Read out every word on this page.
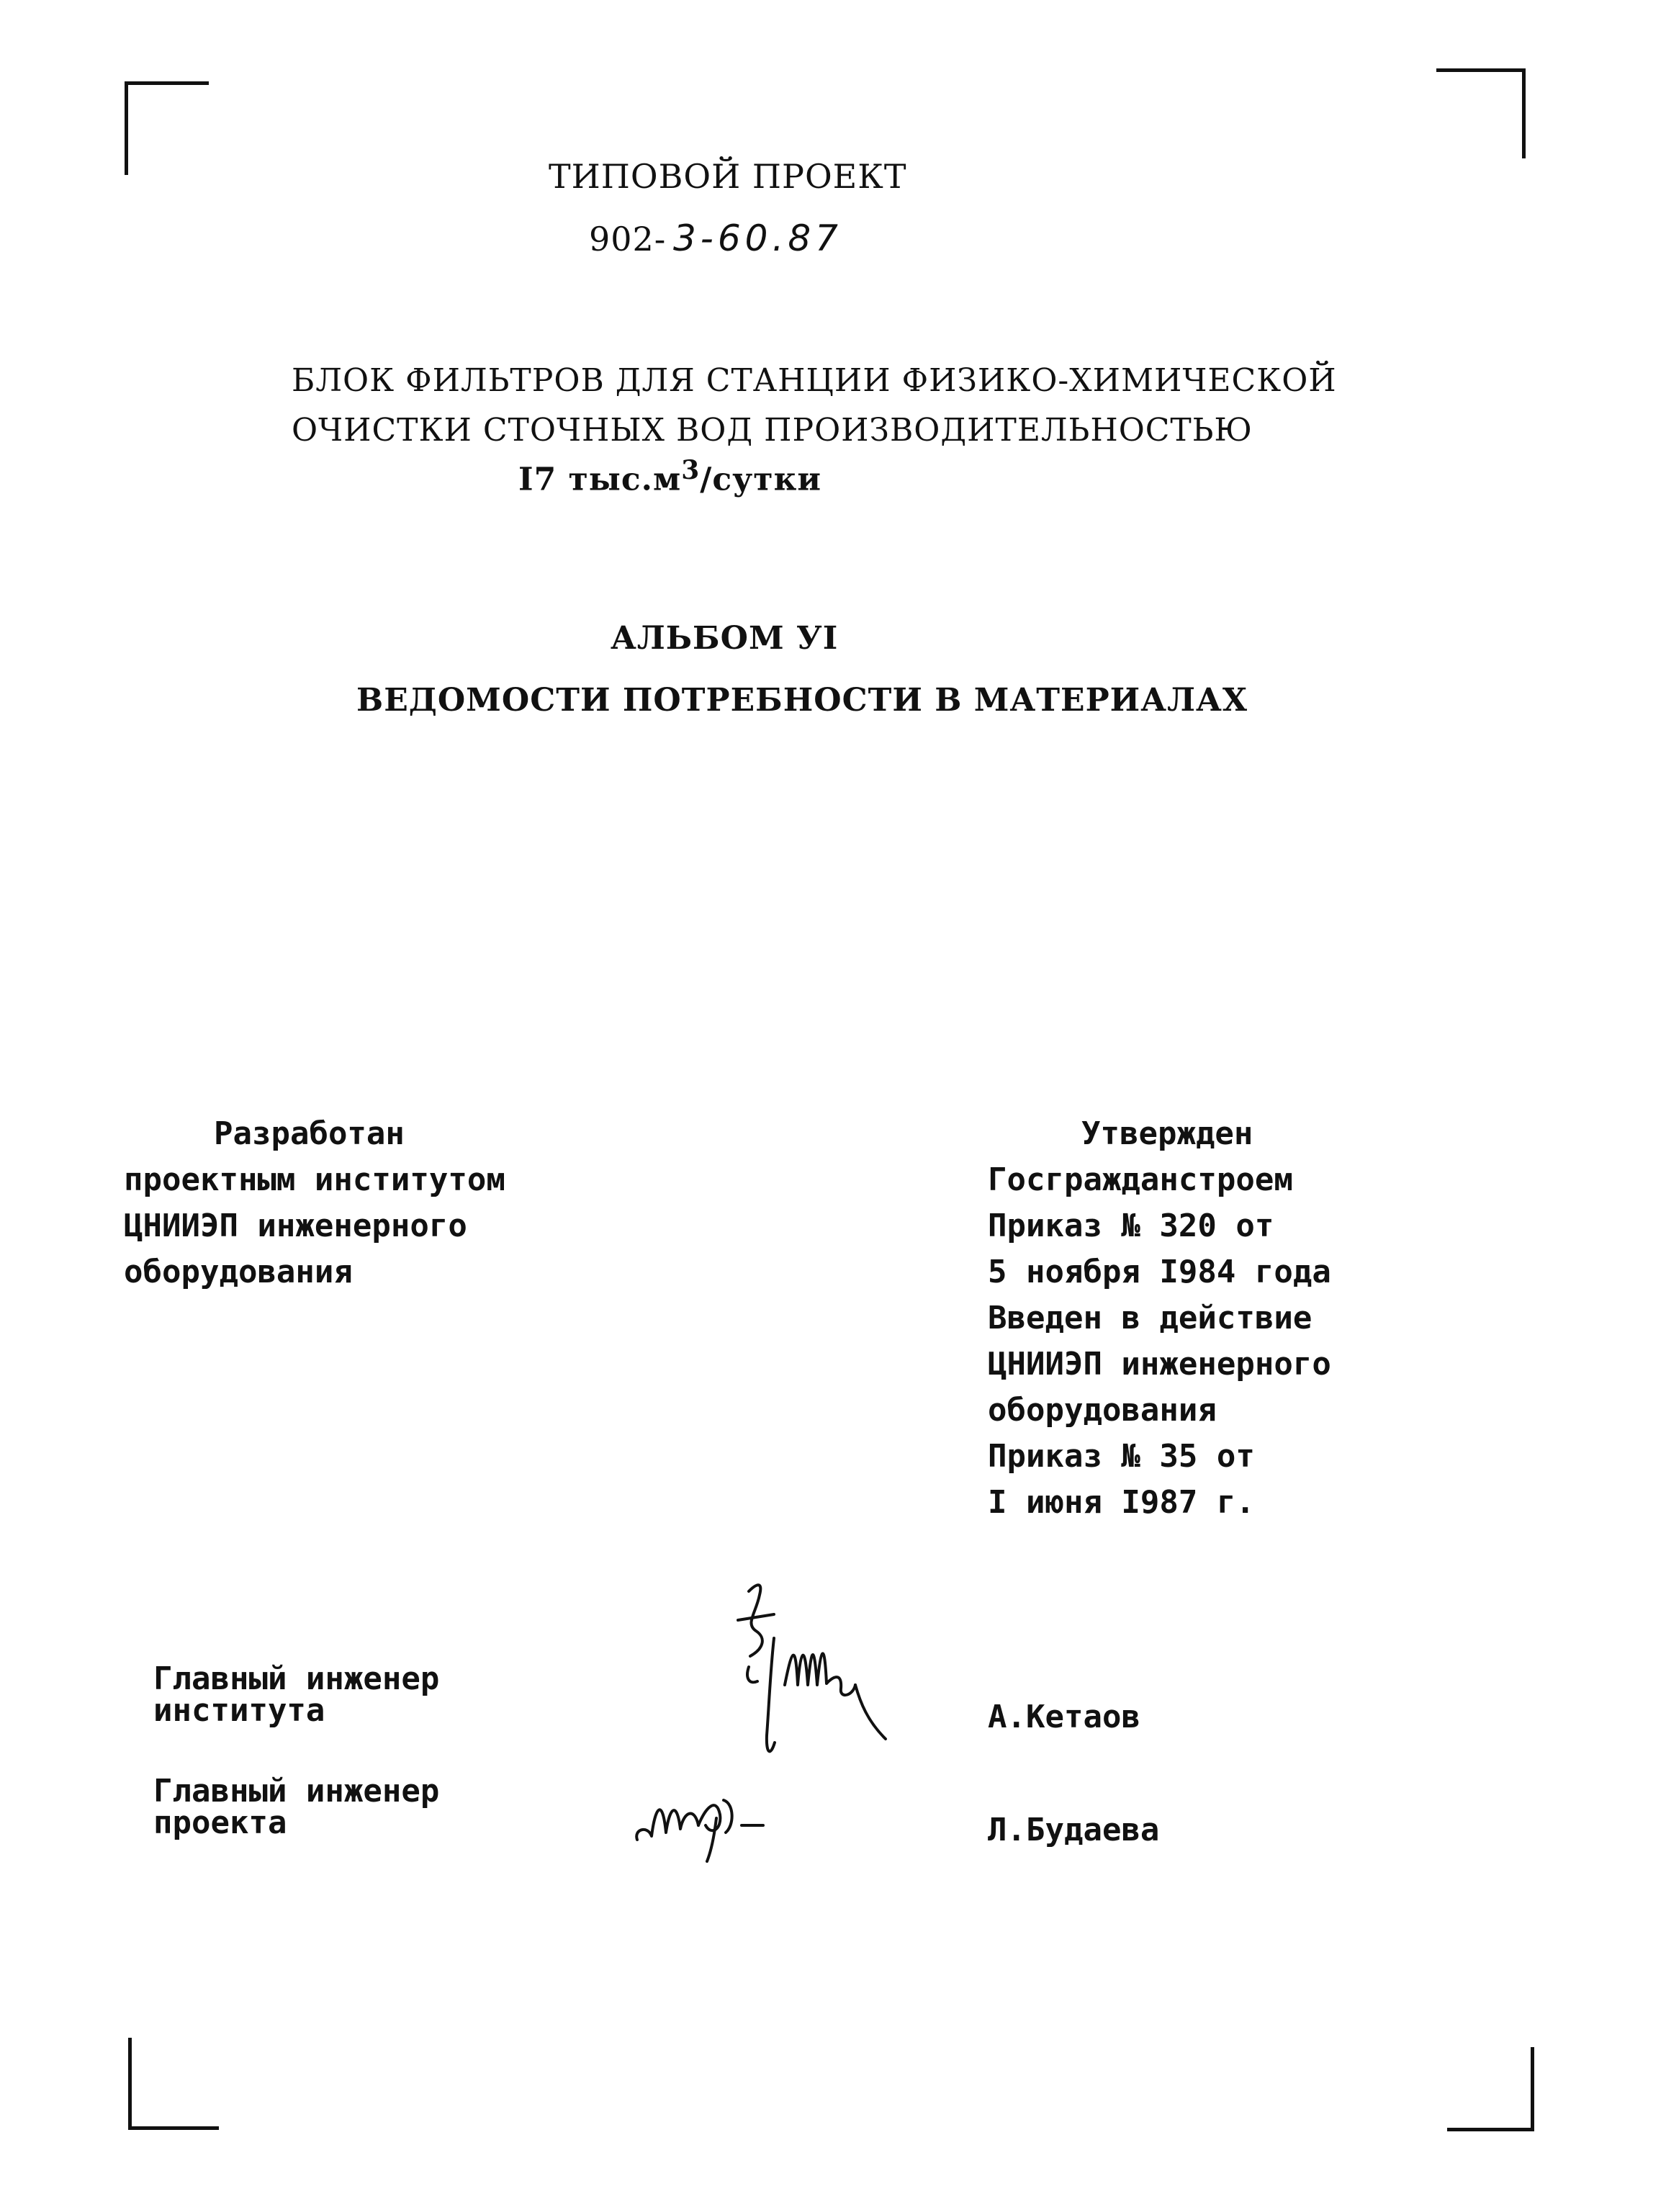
ТИПОВОЙ ПРОЕКТ
902- 3-60.87
БЛОК ФИЛЬТРОВ ДЛЯ СТАНЦИИ ФИЗИКО-ХИМИЧЕСКОЙ
ОЧИСТКИ СТОЧНЫХ ВОД ПРОИЗВОДИТЕЛЬНОСТЬЮ
I7 $тыс.м^3$/сутки
АЛЬБОМ УI
ВЕДОМОСТИ ПОТРЕБНОСТИ В МАТЕРИАЛАХ

Разработан

проектным институтом

ЦНИИЭП инженерного

оборудования

Утвержден

Госгражданстроем

Приказ № 320 от

5 ноября I984 года

Введен в действие

ЦНИИЭП инженерного

оборудования

Приказ № 35 от

I июня I987 г.

Главный инженер
института	А.Кетаов
Главный инженер
проекта	Л.Будаева
